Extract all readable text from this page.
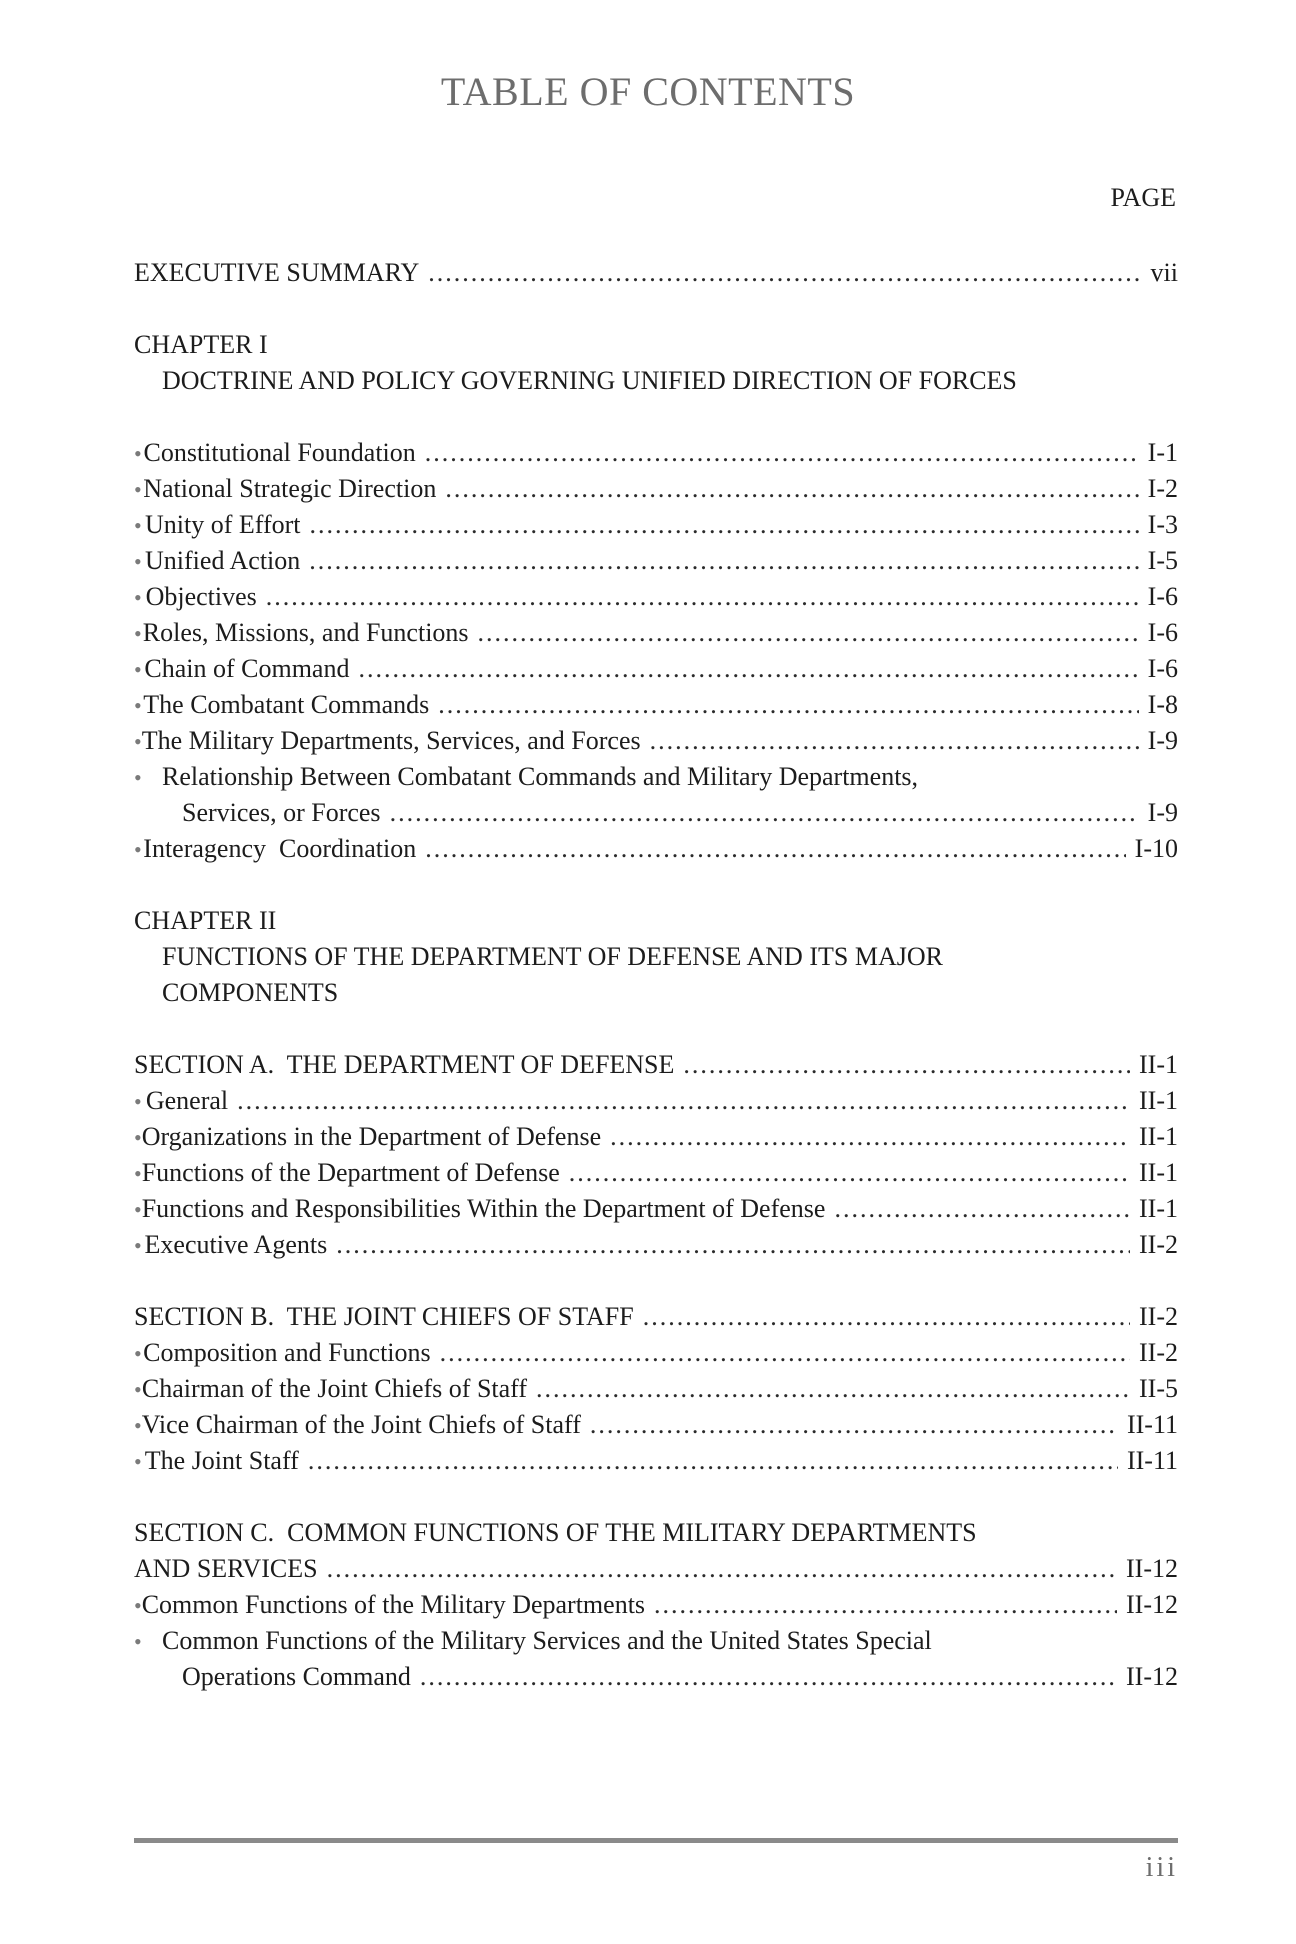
TABLE OF CONTENTS
PAGE
EXECUTIVE SUMMARY .....	vii
CHAPTER I
DOCTRINE AND POLICY GOVERNING UNIFIED DIRECTION OF FORCES
• Constitutional Foundation .....	I-1
• National Strategic Direction .....	I-2
• Unity of Effort .....	I-3
• Unified Action .....	I-5
• Objectives .....	I-6
• Roles, Missions, and Functions .....	I-6
• Chain of Command .....	I-6
• The Combatant Commands .....	I-8
• The Military Departments, Services, and Forces .....	I-9
• Relationship Between Combatant Commands and Military Departments,
Services, or Forces .....	I-9
• Interagency  Coordination .....	I-10
CHAPTER II
FUNCTIONS OF THE DEPARTMENT OF DEFENSE AND ITS MAJOR
COMPONENTS
SECTION A.  THE DEPARTMENT OF DEFENSE .....	II-1
• General .....	II-1
• Organizations in the Department of Defense .....	II-1
• Functions of the Department of Defense .....	II-1
• Functions and Responsibilities Within the Department of Defense .....	II-1
• Executive Agents .....	II-2
SECTION B.  THE JOINT CHIEFS OF STAFF .....	II-2
• Composition and Functions .....	II-2
• Chairman of the Joint Chiefs of Staff .....	II-5
• Vice Chairman of the Joint Chiefs of Staff .....	II-11
• The Joint Staff .....	II-11
SECTION C.  COMMON FUNCTIONS OF THE MILITARY DEPARTMENTS
AND SERVICES .....	II-12
• Common Functions of the Military Departments .....	II-12
• Common Functions of the Military Services and the United States Special
Operations Command .....	II-12
iii
